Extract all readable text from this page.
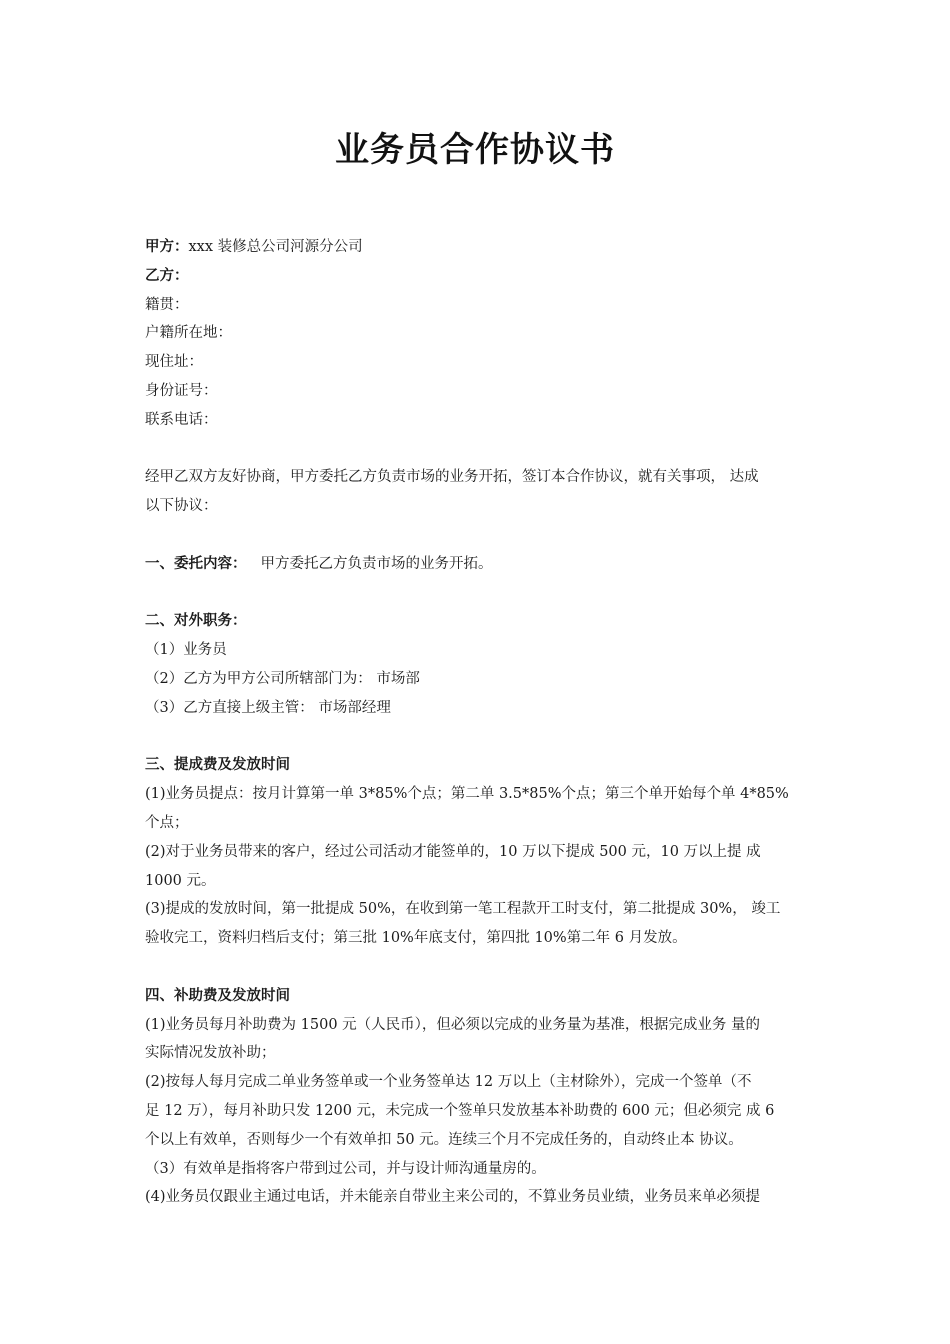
业务员合作协议书
甲方：xxx 装修总公司河源分公司
乙方：
籍贯：
户籍所在地：
现住址：
身份证号：
联系电话：
经甲乙双方友好协商，甲方委托乙方负责市场的业务开拓，签订本合作协议，就有关事项， 达成
以下协议：
一、委托内容： 甲方委托乙方负责市场的业务开拓。
二、对外职务：
（1）业务员
（2）乙方为甲方公司所辖部门为： 市场部
（3）乙方直接上级主管： 市场部经理
三、提成费及发放时间
(1)业务员提点：按月计算第一单 3*85%个点；第二单 3.5*85%个点；第三个单开始每个单 4*85%
个点；
(2)对于业务员带来的客户，经过公司活动才能签单的，10 万以下提成 500 元，10 万以上提 成
1000 元。
(3)提成的发放时间，第一批提成 50%，在收到第一笔工程款开工时支付，第二批提成 30%， 竣工
验收完工，资料归档后支付；第三批 10%年底支付，第四批 10%第二年 6 月发放。
四、补助费及发放时间
(1)业务员每月补助费为 1500 元（人民币），但必须以完成的业务量为基准，根据完成业务 量的
实际情况发放补助；
(2)按每人每月完成二单业务签单或一个业务签单达 12 万以上（主材除外），完成一个签单（不
足 12 万），每月补助只发 1200 元，未完成一个签单只发放基本补助费的 600 元；但必须完 成 6
个以上有效单，否则每少一个有效单扣 50 元。连续三个月不完成任务的，自动终止本 协议。
（3）有效单是指将客户带到过公司，并与设计师沟通量房的。
(4)业务员仅跟业主通过电话，并未能亲自带业主来公司的，不算业务员业绩，业务员来单必须提
